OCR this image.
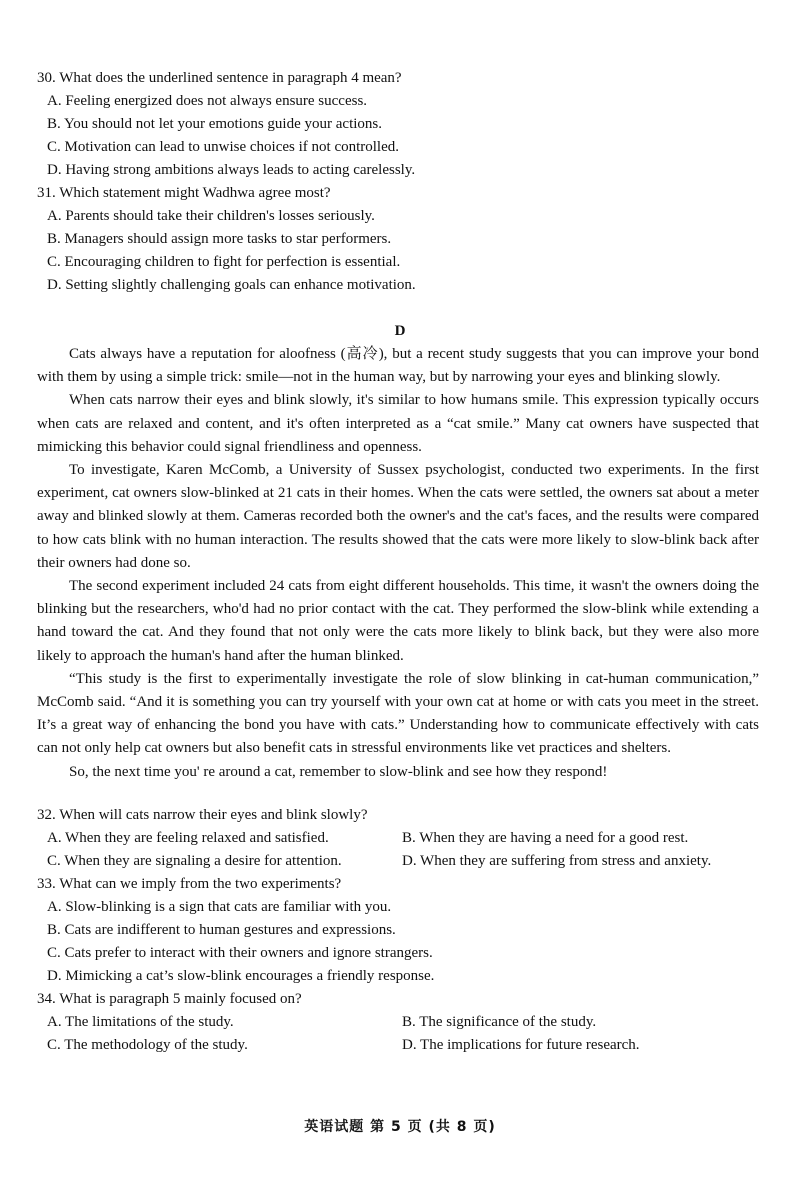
30. What does the underlined sentence in paragraph 4 mean?
A. Feeling energized does not always ensure success.
B. You should not let your emotions guide your actions.
C. Motivation can lead to unwise choices if not controlled.
D. Having strong ambitions always leads to acting carelessly.
31. Which statement might Wadhwa agree most?
A. Parents should take their children's losses seriously.
B. Managers should assign more tasks to star performers.
C. Encouraging children to fight for perfection is essential.
D. Setting slightly challenging goals can enhance motivation.
D

Cats always have a reputation for aloofness (高冷), but a recent study suggests that you can improve your bond with them by using a simple trick: smile—not in the human way, but by narrowing your eyes and blinking slowly.

When cats narrow their eyes and blink slowly, it's similar to how humans smile. This expression typically occurs when cats are relaxed and content, and it's often interpreted as a “cat smile.” Many cat owners have suspected that mimicking this behavior could signal friendliness and openness.

To investigate, Karen McComb, a University of Sussex psychologist, conducted two experiments. In the first experiment, cat owners slow-blinked at 21 cats in their homes. When the cats were settled, the owners sat about a meter away and blinked slowly at them. Cameras recorded both the owner's and the cat's faces, and the results were compared to how cats blink with no human interaction. The results showed that the cats were more likely to slow-blink back after their owners had done so.

The second experiment included 24 cats from eight different households. This time, it wasn't the owners doing the blinking but the researchers, who'd had no prior contact with the cat. They performed the slow-blink while extending a hand toward the cat. And they found that not only were the cats more likely to blink back, but they were also more likely to approach the human's hand after the human blinked.

“This study is the first to experimentally investigate the role of slow blinking in cat-human communication,” McComb said. “And it is something you can try yourself with your own cat at home or with cats you meet in the street. It’s a great way of enhancing the bond you have with cats.” Understanding how to communicate effectively with cats can not only help cat owners but also benefit cats in stressful environments like vet practices and shelters.

So, the next time you' re around a cat, remember to slow-blink and see how they respond!

32. When will cats narrow their eyes and blink slowly?
A. When they are feeling relaxed and satisfied.	B. When they are having a need for a good rest.
C. When they are signaling a desire for attention.	D. When they are suffering from stress and anxiety.
33. What can we imply from the two experiments?
A. Slow-blinking is a sign that cats are familiar with you.
B. Cats are indifferent to human gestures and expressions.
C. Cats prefer to interact with their owners and ignore strangers.
D. Mimicking a cat’s slow-blink encourages a friendly response.
34. What is paragraph 5 mainly focused on?
A. The limitations of the study.	B. The significance of the study.
C. The methodology of the study.	D. The implications for future research.
英语试题 第 5 页 (共 8 页)
